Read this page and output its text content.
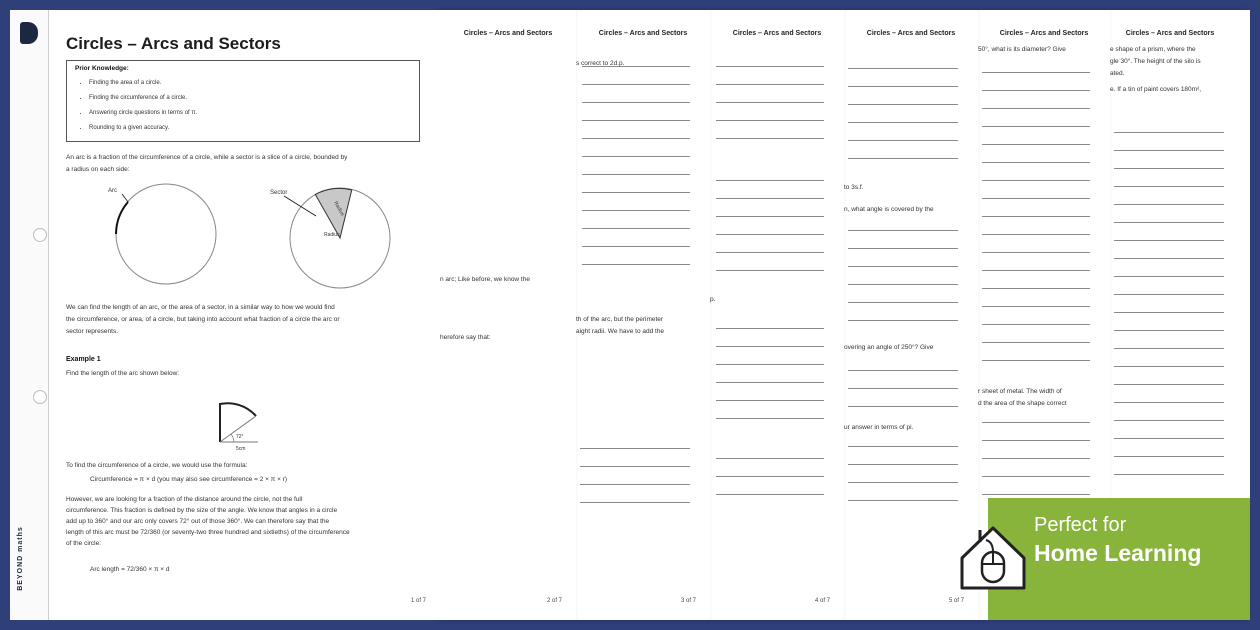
Circles – Arcs and Sectors
e shape of a prism, where the
gle 30°. The height of the silo is
ated.
e. If a tin of paint covers 180m²,
Circles – Arcs and Sectors
50°, what is its diameter? Give
r sheet of metal. The width of
d the area of the shape correct
Circles – Arcs and Sectors
to 3s.f.
n, what angle is covered by the
overing an angle of 250°? Give
ur answer in terms of pi.
5 of 7
Circles – Arcs and Sectors
4 of 7
Circles – Arcs and Sectors
th of the arc, but the perimeter
aight radii. We have to add the
p.
3 of 7
Circles – Arcs and Sectors
s correct to 2d.p.
n arc; Like before, we know the
herefore say that:
2 of 7
BEYOND maths
Circles – Arcs and Sectors
Prior Knowledge:
• Finding the area of a circle.
• Finding the circumference of a circle.
• Answering circle questions in terms of π.
• Rounding to a given accuracy.
An arc is a fraction of the circumference of a circle, while a sector is a slice of a circle, bounded by
a radius on each side:
Arc	Sector
Radius
Radius
We can find the length of an arc, or the area of a sector, in a similar way to how we would find
the circumference, or area, of a circle, but taking into account what fraction of a circle the arc or
sector represents.
Example 1
Find the length of the arc shown below:
72°
5cm
To find the circumference of a circle, we would use the formula:
Circumference = π × d (you may also see circumference = 2 × π × r)
However, we are looking for a fraction of the distance around the circle, not the full
circumference. This fraction is defined by the size of the angle. We know that angles in a circle
add up to 360° and our arc only covers 72° out of those 360°. We can therefore say that the
length of this arc must be 72/360 (or seventy-two three hundred and sixtieths) of the circumference
of the circle:
Arc length = 72/360 × π × d
1 of 7
Perfect for
Home Learning
